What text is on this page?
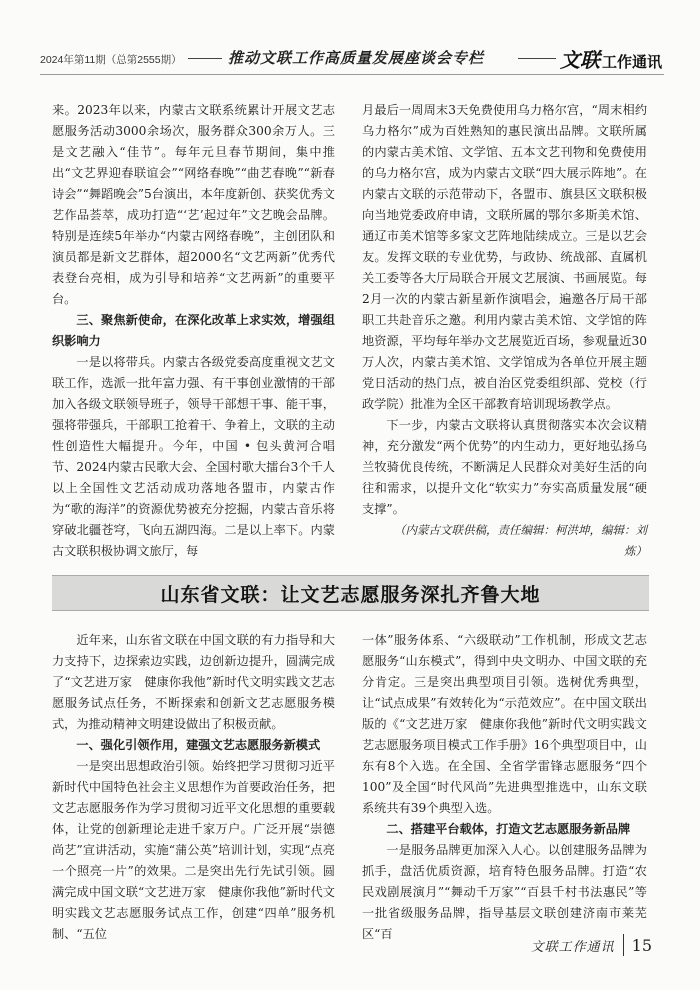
2024年第11期（总第2555期）	推动文联工作高质量发展座谈会专栏	文联 工作通讯

来。2023年以来，内蒙古文联系统累计开展文艺志愿服务活动3000余场次，服务群众300余万人。三是文艺融入“佳节”。每年元旦春节期间，集中推出“文艺界迎春联谊会”“网络春晚”“曲艺春晚”“新春诗会”“舞蹈晚会”5台演出，本年度新创、获奖优秀文艺作品荟萃，成功打造“‘艺’起过年”文艺晚会品牌。特别是连续5年举办“内蒙古网络春晚”，主创团队和演员都是新文艺群体，超2000名“文艺两新”优秀代表登台亮相，成为引导和培养“文艺两新”的重要平台。

三、聚焦新使命，在深化改革上求实效，增强组织影响力

一是以将带兵。内蒙古各级党委高度重视文艺文联工作，选派一批年富力强、有干事创业激情的干部加入各级文联领导班子，领导干部想干事、能干事，强将带强兵，干部职工抢着干、争着上，文联的主动性创造性大幅提升。今年，中国 • 包头黄河合唱节、2024内蒙古民歌大会、全国村歌大擂台3个千人以上全国性文艺活动成功落地各盟市，内蒙古作为“歌的海洋”的资源优势被充分挖掘，内蒙古音乐将穿破北疆苍穹，飞向五湖四海。二是以上率下。内蒙古文联积极协调文旅厅，每

月最后一周周末3天免费使用乌力格尔宫，“周末相约乌力格尔”成为百姓熟知的惠民演出品牌。文联所属的内蒙古美术馆、文学馆、五本文艺刊物和免费使用的乌力格尔宫，成为内蒙古文联“四大展示阵地”。在内蒙古文联的示范带动下，各盟市、旗县区文联积极向当地党委政府申请，文联所属的鄂尔多斯美术馆、通辽市美术馆等多家文艺阵地陆续成立。三是以艺会友。发挥文联的专业优势，与政协、统战部、直属机关工委等各大厅局联合开展文艺展演、书画展览。每2月一次的内蒙古新星新作演唱会，遍邀各厅局干部职工共赴音乐之邀。利用内蒙古美术馆、文学馆的阵地资源，平均每年举办文艺展览近百场，参观量近30万人次，内蒙古美术馆、文学馆成为各单位开展主题党日活动的热门点，被自治区党委组织部、党校（行政学院）批准为全区干部教育培训现场教学点。

下一步，内蒙古文联将认真贯彻落实本次会议精神，充分激发“两个优势”的内生动力，更好地弘扬乌兰牧骑优良传统，不断满足人民群众对美好生活的向往和需求，以提升文化“软实力”夯实高质量发展“硬支撑”。

（内蒙古文联供稿，责任编辑：柯洪坤，编辑：刘炼）

山东省文联：让文艺志愿服务深扎齐鲁大地

近年来，山东省文联在中国文联的有力指导和大力支持下，边探索边实践，边创新边提升，圆满完成了“文艺进万家　健康你我他”新时代文明实践文艺志愿服务试点任务，不断探索和创新文艺志愿服务模式，为推动精神文明建设做出了积极贡献。

一、强化引领作用，建强文艺志愿服务新模式

一是突出思想政治引领。始终把学习贯彻习近平新时代中国特色社会主义思想作为首要政治任务，把文艺志愿服务作为学习贯彻习近平文化思想的重要载体，让党的创新理论走进千家万户。广泛开展“崇德尚艺”宣讲活动，实施“蒲公英”培训计划，实现“点亮一个照亮一片”的效果。二是突出先行先试引领。圆满完成中国文联“文艺进万家　健康你我他”新时代文明实践文艺志愿服务试点工作，创建“四单”服务机制、“五位

一体”服务体系、“六级联动”工作机制，形成文艺志愿服务“山东模式”，得到中央文明办、中国文联的充分肯定。三是突出典型项目引领。选树优秀典型，让“试点成果”有效转化为“示范效应”。在中国文联出版的《“文艺进万家　健康你我他”新时代文明实践文艺志愿服务项目模式工作手册》16个典型项目中，山东有8个入选。在全国、全省学雷锋志愿服务“四个100”及全国“时代风尚”先进典型推选中，山东文联系统共有39个典型入选。

二、搭建平台载体，打造文艺志愿服务新品牌

一是服务品牌更加深入人心。以创建服务品牌为抓手，盘活优质资源，培育特色服务品牌。打造“农民戏剧展演月”“舞动千万家”“百县千村书法惠民”等一批省级服务品牌，指导基层文联创建济南市莱芜区“百

文联工作通讯 15
